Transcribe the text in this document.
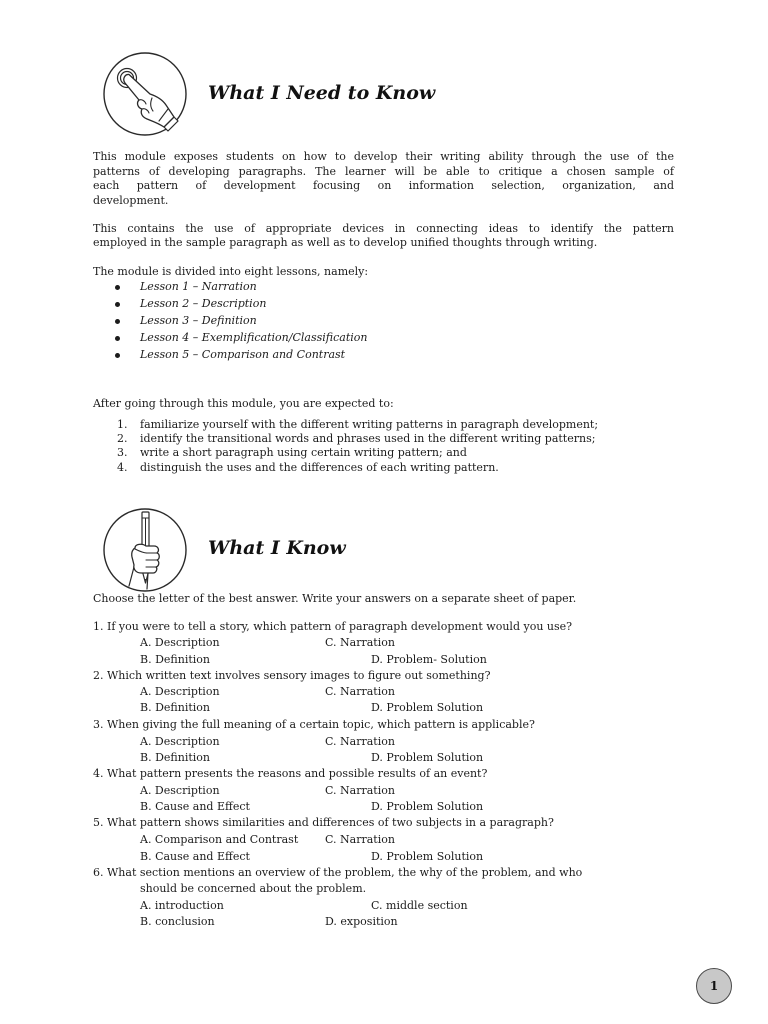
What I Need to Know
This module exposes students on how to develop their writing ability through the use of the
patterns of developing paragraphs. The learner will be able to critique a chosen sample of
each pattern of development focusing on information selection, organization, and
development.
This contains the use of appropriate devices in connecting ideas to identify the pattern
employed in the sample paragraph as well as to develop unified thoughts through writing.
The module is divided into eight lessons, namely:
Lesson 1 – Narration
Lesson 2 – Description
Lesson 3 – Definition
Lesson 4 – Exemplification/Classification
Lesson 5 – Comparison and Contrast
After going through this module, you are expected to:
1. familiarize yourself with the different writing patterns in paragraph development;
2. identify the transitional words and phrases used in the different writing patterns;
3. write a short paragraph using certain writing pattern; and
4. distinguish the uses and the differences of each writing pattern.
What I Know
Choose the letter of the best answer. Write your answers on a separate sheet of paper.
1. If you were to tell a story, which pattern of paragraph development would you use?
A. Description	C. Narration
B. Definition	D. Problem- Solution
2. Which written text involves sensory images to figure out something?
A. Description	C. Narration
B. Definition	D. Problem Solution
3. When giving the full meaning of a certain topic, which pattern is applicable?
A. Description	C. Narration
B. Definition	D. Problem Solution
4. What pattern presents the reasons and possible results of an event?
A. Description	C. Narration
B. Cause and Effect	D. Problem Solution
5. What pattern shows similarities and differences of two subjects in a paragraph?
A. Comparison and Contrast C. Narration
B. Cause and Effect	D. Problem Solution
6. What section mentions an overview of the problem, the why of the problem, and who
should be concerned about the problem.
A. introduction	C. middle section
B. conclusion	D. exposition
1
